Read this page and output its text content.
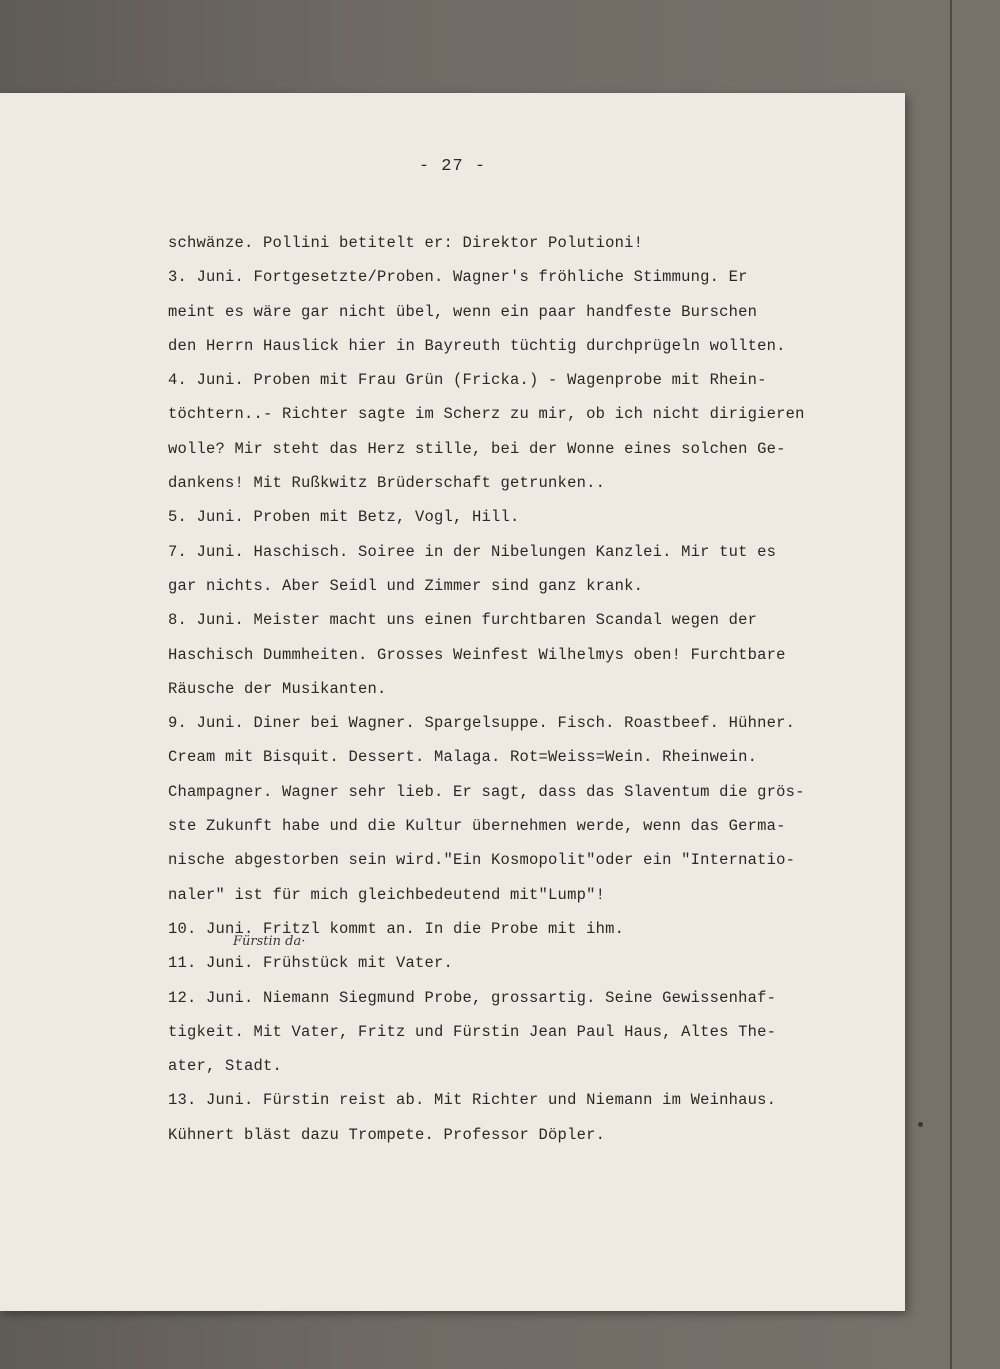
- 27 -
schwänze. Pollini betitelt er: Direktor Polutioni!
3. Juni. Fortgesetzte/Proben. Wagner's fröhliche Stimmung. Er
meint es wäre gar nicht übel, wenn ein paar handfeste Burschen
den Herrn Hauslick hier in Bayreuth tüchtig durchprügeln wollten.
4. Juni. Proben mit Frau Grün (Fricka.) - Wagenprobe mit Rhein-
töchtern..- Richter sagte im Scherz zu mir, ob ich nicht dirigieren
wolle? Mir steht das Herz stille, bei der Wonne eines solchen Ge-
dankens! Mit Rußkwitz Brüderschaft getrunken..
5. Juni. Proben mit Betz, Vogl, Hill.
7. Juni. Haschisch. Soiree in der Nibelungen Kanzlei. Mir tut es
gar nichts. Aber Seidl und Zimmer sind ganz krank.
8. Juni. Meister macht uns einen furchtbaren Scandal wegen der
Haschisch Dummheiten. Grosses Weinfest Wilhelmys oben! Furchtbare
Räusche der Musikanten.
9. Juni. Diner bei Wagner. Spargelsuppe. Fisch. Roastbeef. Hühner.
Cream mit Bisquit. Dessert. Malaga. Rot=Weiss=Wein. Rheinwein.
Champagner. Wagner sehr lieb. Er sagt, dass das Slaventum die grös-
ste Zukunft habe und die Kultur übernehmen werde, wenn das Germa-
nische abgestorben sein wird."Ein Kosmopolit"oder ein "Internatio-
naler" ist für mich gleichbedeutend mit"Lump"!
10. Juni. Fritzl kommt an. In die Probe mit ihm.
11. Juni. Frühstück mit Vater.
12. Juni. Niemann Siegmund Probe, grossartig. Seine Gewissenhaf-
tigkeit. Mit Vater, Fritz und Fürstin Jean Paul Haus, Altes The-
ater, Stadt.
13. Juni. Fürstin reist ab. Mit Richter und Niemann im Weinhaus.
Kühnert bläst dazu Trompete. Professor Döpler.
Fürstin da·
